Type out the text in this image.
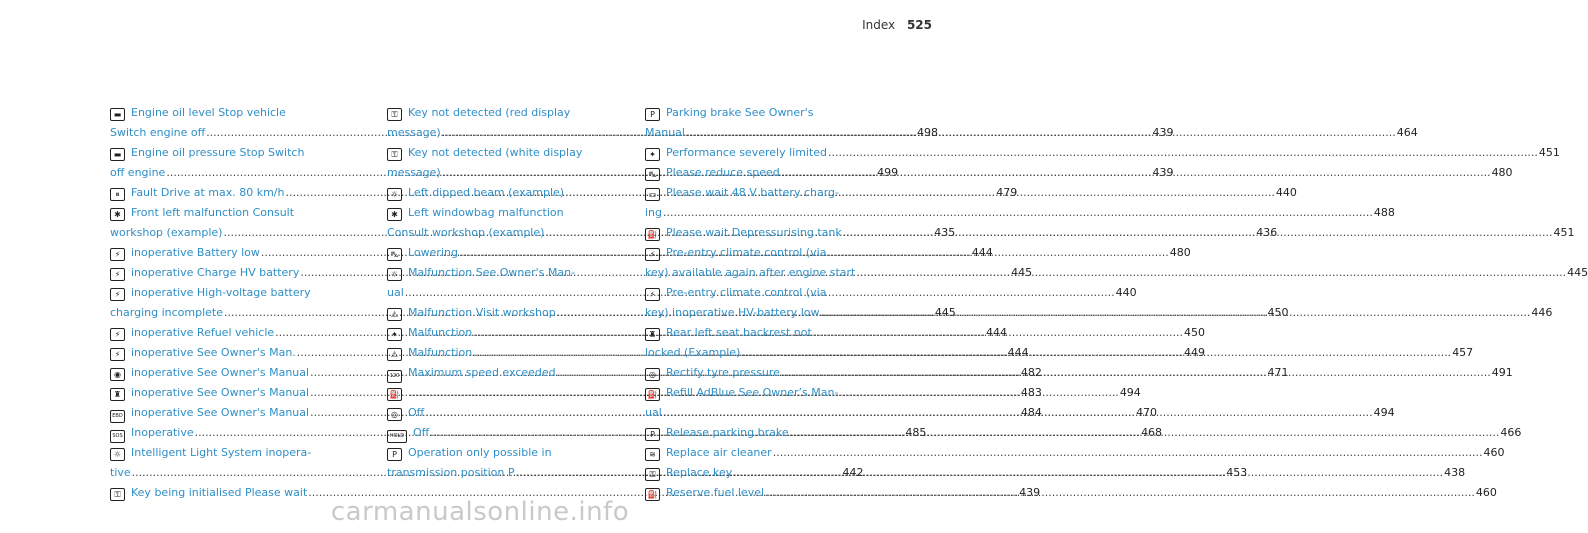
Index 525
▬ Engine oil level Stop vehicle
Switch engine off .....	498
▬ Engine oil pressure Stop Switch
off engine .....	499
⏸ Fault Drive at max. 80 km/h .....	479
✱ Front left malfunction Consult
workshop (example) .....	435
⚡ inoperative Battery low .....	444
⚡ inoperative Charge HV battery .....	445
⚡ inoperative High-voltage battery
charging incomplete .....	445
⚡ inoperative Refuel vehicle .....	444
⚡ inoperative See Owner's Man. .....	444
◉ inoperative See Owner's Manual .....	482
♜ inoperative See Owner's Manual .....	483
EBD inoperative See Owner's Manual .....	484
SOS Inoperative .....	485
☼ Intelligent Light System inopera-
tive .....	442
⚿ Key being initialised Please wait .....	439
⚿ Key not detected (red display
message) .....	439
⚿ Key not detected (white display
message) .....	439
☼ Left dipped beam (example) .....	440
✱ Left windowbag malfunction
Consult workshop (example) .....	436
⛍ Lowering .....	480
☼ Malfunction See Owner's Man-
ual .....	440
⚠ Malfunction Visit workshop .....	450
✦ Malfunction .....	450
⚠ Malfunction .....	449
120 Maximum speed exceeded .....	471
⛽ .....	494
◎ Off .....	470
HOLD Off .....	468
P Operation only possible in
transmission position P .....	453
P Parking brake See Owner's
Manual .....	464
✦ Performance severely limited .....	451
⛍ Please reduce speed .....	480
▭ Please wait 48 V battery charg-
ing .....	488
⛽ Please wait Depressurising tank .....	451
⚡ Pre-entry climate control (via
key) available again after engine start .....	445
⚡ Pre-entry climate control (via
key) inoperative HV-battery low .....	446
♜ Rear left seat backrest not
locked (Example) .....	457
◎ Rectify tyre pressure .....	491
⛽ Refill AdBlue See Owner’s Man-
ual .....	494
P Release parking brake .....	466
≋ Replace air cleaner .....	460
⚿ Replace key .....	438
⛽ Reserve fuel level .....	460
carmanualsonline.info
